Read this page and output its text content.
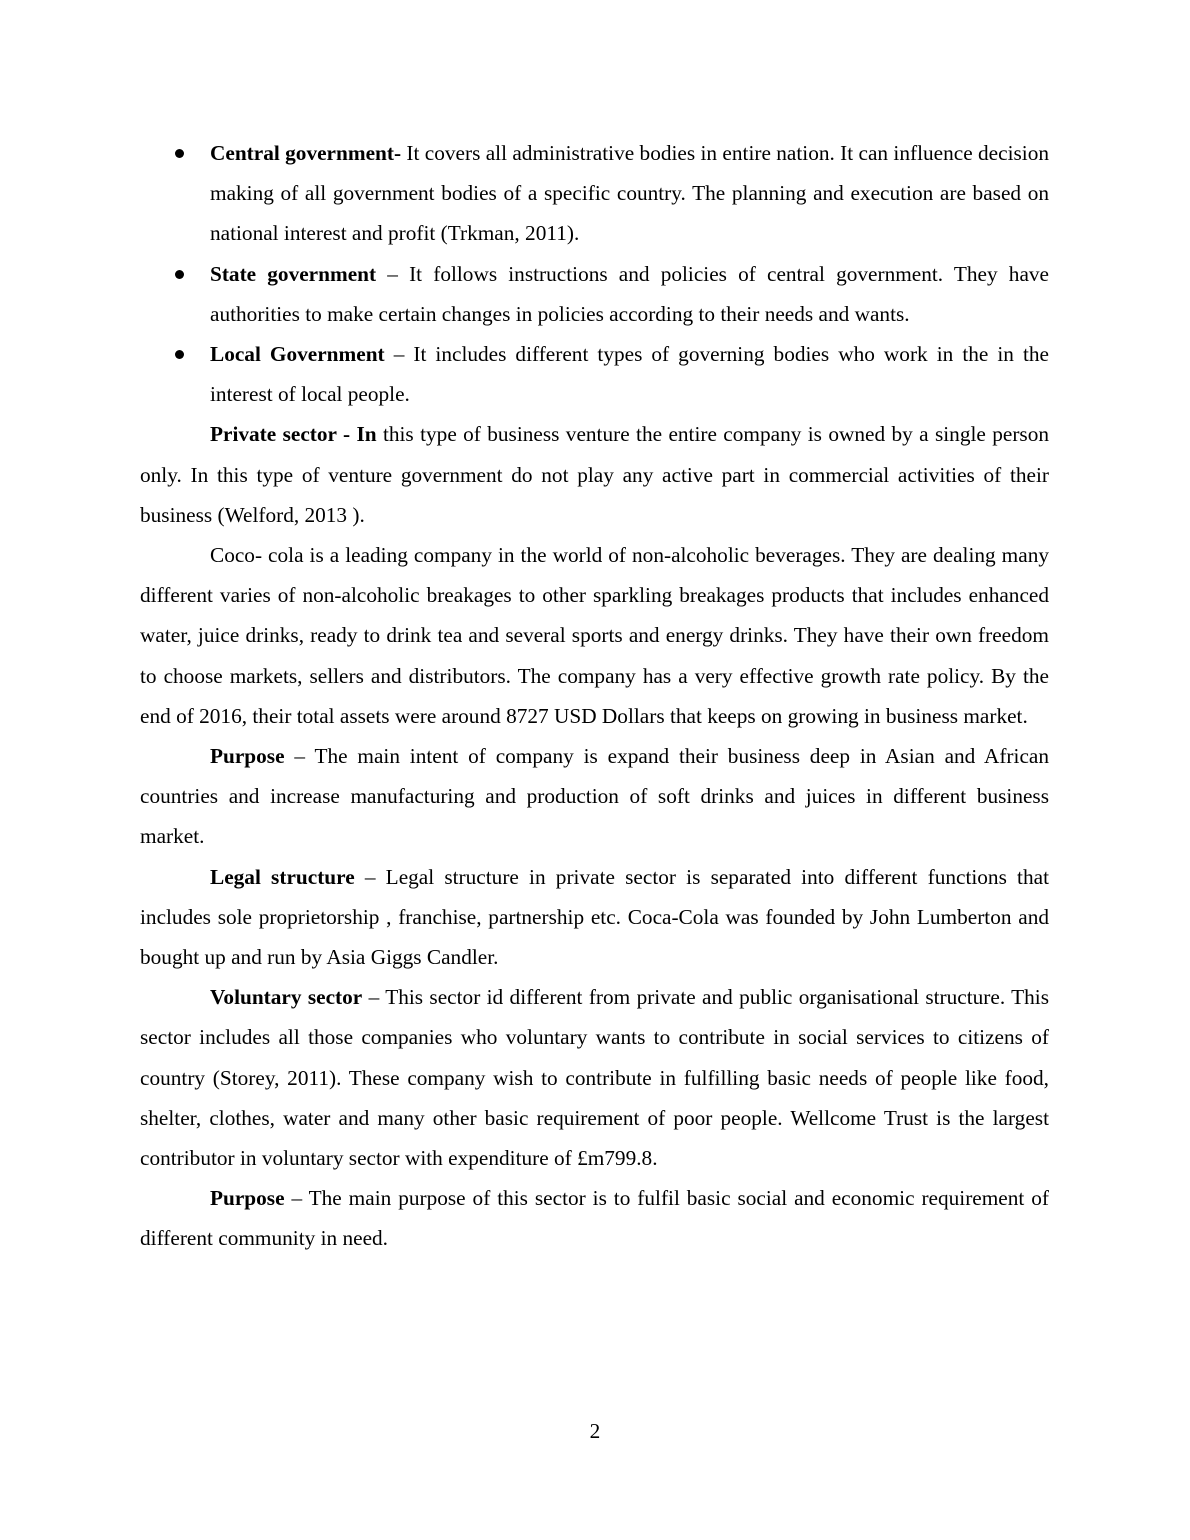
Central government- It covers all administrative bodies in entire nation. It can influence decision making of all government bodies of a specific country. The planning and execution are based on national interest and profit (Trkman, 2011).
State government – It follows instructions and policies of central government. They have authorities to make certain changes in policies according to their needs and wants.
Local Government – It includes different types of governing bodies who work in the in the interest of local people.

Private sector - In this type of business venture the entire company is owned by a single person only. In this type of venture government do not play any active part in commercial activities of their business (Welford, 2013 ).

Coco- cola is a leading company in the world of non-alcoholic beverages. They are dealing many different varies of non-alcoholic breakages to other sparkling breakages products that includes enhanced water, juice drinks, ready to drink tea and several sports and energy drinks. They have their own freedom to choose markets, sellers and distributors. The company has a very effective growth rate policy. By the end of 2016, their total assets were around 8727 USD Dollars that keeps on growing in business market.

Purpose – The main intent of company is expand their business deep in Asian and African countries and increase manufacturing and production of soft drinks and juices in different business market.

Legal structure – Legal structure in private sector is separated into different functions that includes sole proprietorship , franchise, partnership etc. Coca-Cola was founded by John Lumberton and bought up and run by Asia Giggs Candler.

Voluntary sector – This sector id different from private and public organisational structure. This sector includes all those companies who voluntary wants to contribute in social services to citizens of country (Storey, 2011). These company wish to contribute in fulfilling basic needs of people like food, shelter, clothes, water and many other basic requirement of poor people. Wellcome Trust is the largest contributor in voluntary sector with expenditure of £m799.8.

Purpose – The main purpose of this sector is to fulfil basic social and economic requirement of different community in need.

2
